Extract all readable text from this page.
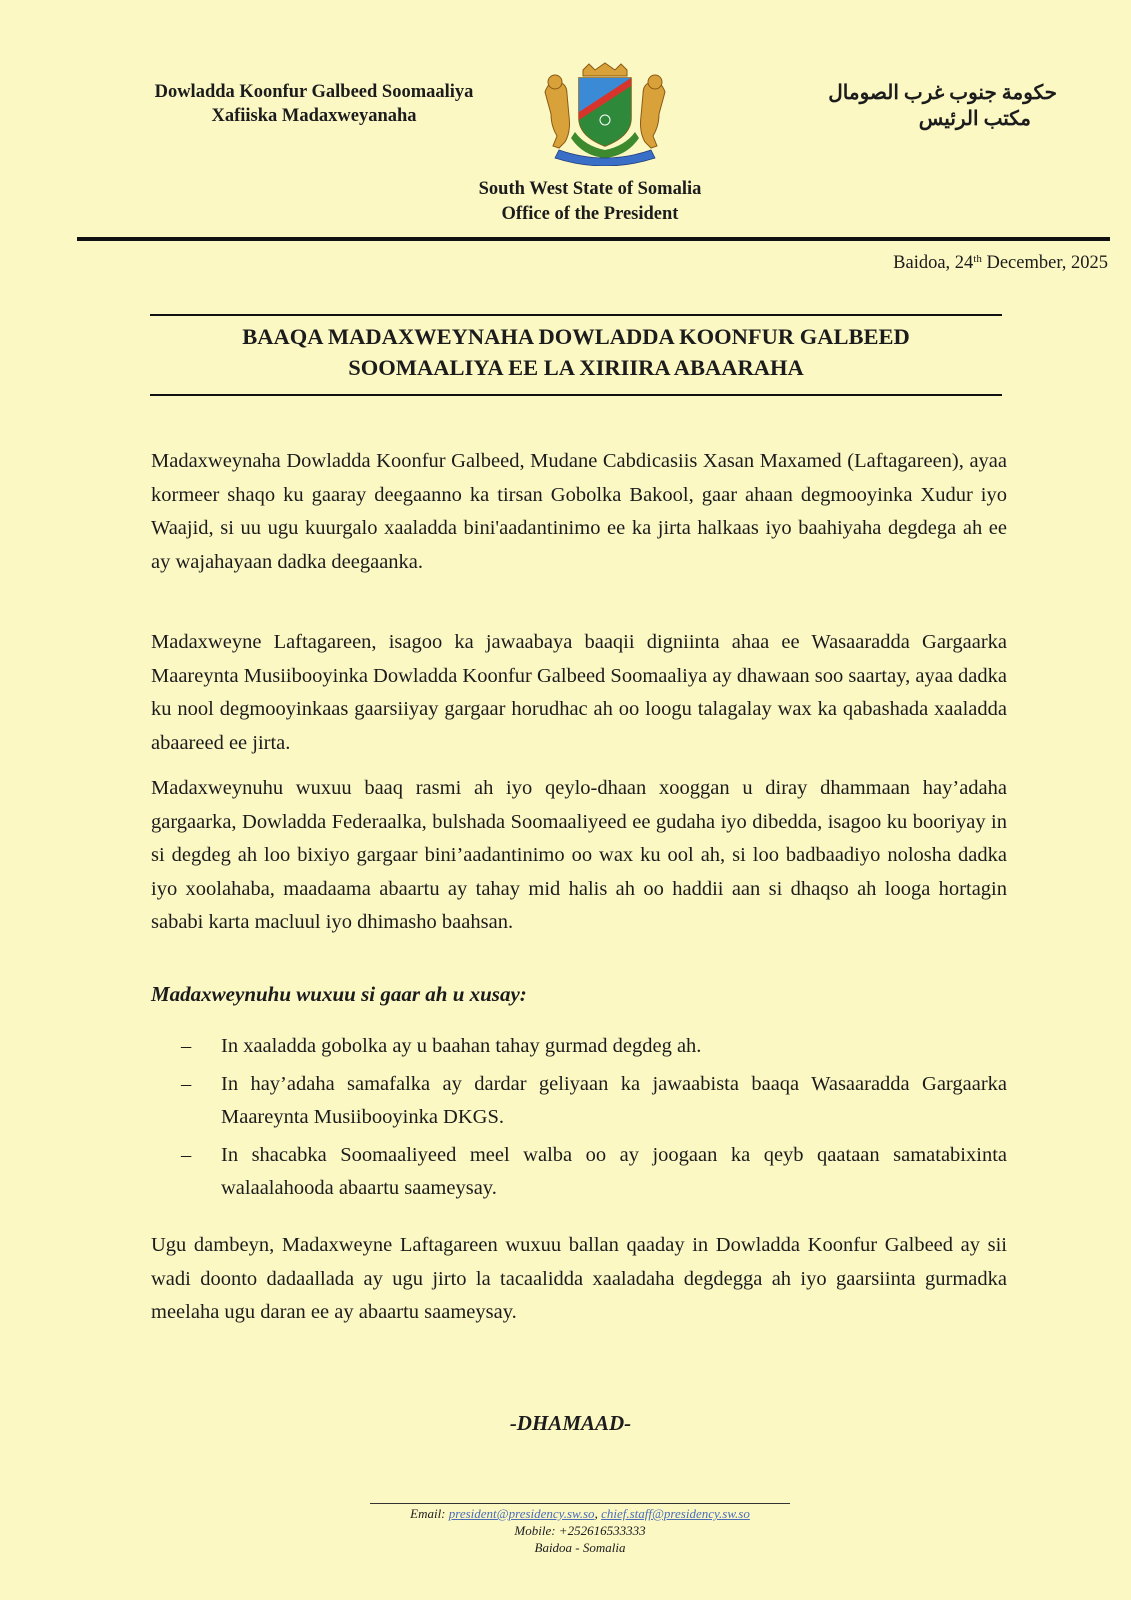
Dowladda Koonfur Galbeed Soomaaliya
Xafiiska Madaxweyanaha
حكومة جنوب غرب الصومال
مكتب الرئيس
South West State of Somalia
Office of the President
Baidoa, 24th December, 2025
BAAQA MADAXWEYNAHA DOWLADDA KOONFUR GALBEED
SOOMAALIYA EE LA XIRIIRA ABAARAHA
Madaxweynaha Dowladda Koonfur Galbeed, Mudane Cabdicasiis Xasan Maxamed (Laftagareen), ayaa kormeer shaqo ku gaaray deegaanno ka tirsan Gobolka Bakool, gaar ahaan degmooyinka Xudur iyo Waajid, si uu ugu kuurgalo xaaladda bini'aadantinimo ee ka jirta halkaas iyo baahiyaha degdega ah ee ay wajahayaan dadka deegaanka.
Madaxweyne Laftagareen, isagoo ka jawaabaya baaqii digniinta ahaa ee Wasaaradda Gargaarka Maareynta Musiibooyinka Dowladda Koonfur Galbeed Soomaaliya ay dhawaan soo saartay, ayaa dadka ku nool degmooyinkaas gaarsiiyay gargaar horudhac ah oo loogu talagalay wax ka qabashada xaaladda abaareed ee jirta.
Madaxweynuhu wuxuu baaq rasmi ah iyo qeylo-dhaan xooggan u diray dhammaan hay’adaha gargaarka, Dowladda Federaalka, bulshada Soomaaliyeed ee gudaha iyo dibedda, isagoo ku booriyay in si degdeg ah loo bixiyo gargaar bini’aadantinimo oo wax ku ool ah, si loo badbaadiyo nolosha dadka iyo xoolahaba, maadaama abaartu ay tahay mid halis ah oo haddii aan si dhaqso ah looga hortagin sababi karta macluul iyo dhimasho baahsan.
Madaxweynuhu wuxuu si gaar ah u xusay:
– In xaaladda gobolka ay u baahan tahay gurmad degdeg ah.
– In hay’adaha samafalka ay dardar geliyaan ka jawaabista baaqa Wasaaradda Gargaarka Maareynta Musiibooyinka DKGS.
– In shacabka Soomaaliyeed meel walba oo ay joogaan ka qeyb qaataan samatabixinta walaalahooda abaartu saameysay.
Ugu dambeyn, Madaxweyne Laftagareen wuxuu ballan qaaday in Dowladda Koonfur Galbeed ay sii wadi doonto dadaallada ay ugu jirto la tacaalidda xaaladaha degdegga ah iyo gaarsiinta gurmadka meelaha ugu daran ee ay abaartu saameysay.
-DHAMAAD-
Email: president@presidency.sw.so, chief.staff@presidency.sw.so
Mobile: +252616533333
Baidoa - Somalia
